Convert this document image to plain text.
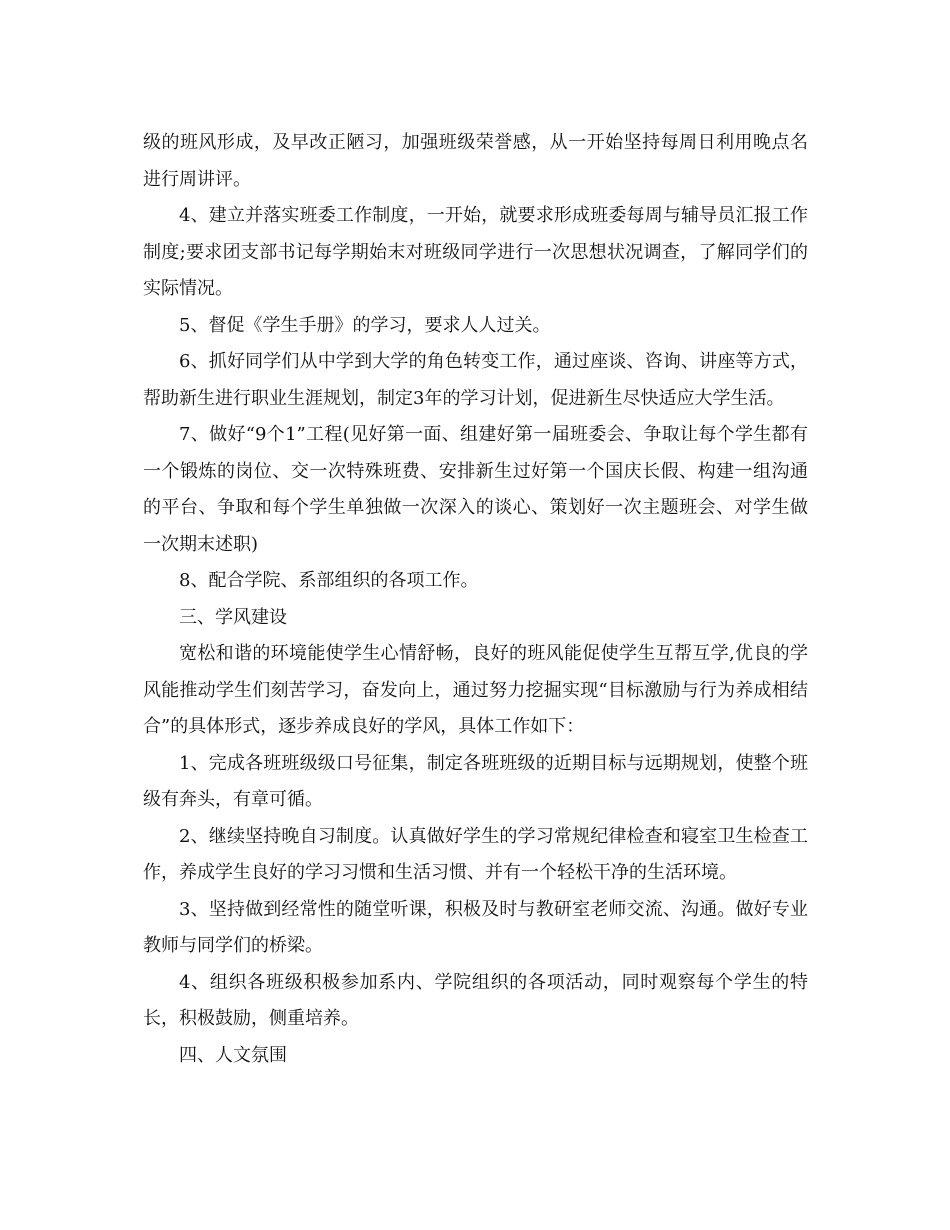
级的班风形成，及早改正陋习，加强班级荣誉感，从一开始坚持每周日利用晚点名进行周讲评。

4、建立并落实班委工作制度，一开始，就要求形成班委每周与辅导员汇报工作制度;要求团支部书记每学期始末对班级同学进行一次思想状况调查，了解同学们的实际情况。

5、督促《学生手册》的学习，要求人人过关。

6、抓好同学们从中学到大学的角色转变工作，通过座谈、咨询、讲座等方式，帮助新生进行职业生涯规划，制定3年的学习计划，促进新生尽快适应大学生活。

7、做好“9个1”工程(见好第一面、组建好第一届班委会、争取让每个学生都有一个锻炼的岗位、交一次特殊班费、安排新生过好第一个国庆长假、构建一组沟通的平台、争取和每个学生单独做一次深入的谈心、策划好一次主题班会、对学生做一次期末述职)

8、配合学院、系部组织的各项工作。

三、学风建设

宽松和谐的环境能使学生心情舒畅，良好的班风能促使学生互帮互学,优良的学风能推动学生们刻苦学习，奋发向上，通过努力挖掘实现“目标激励与行为养成相结合”的具体形式，逐步养成良好的学风，具体工作如下：

1、完成各班班级级口号征集，制定各班班级的近期目标与远期规划，使整个班级有奔头，有章可循。

2、继续坚持晚自习制度。认真做好学生的学习常规纪律检查和寝室卫生检查工作，养成学生良好的学习习惯和生活习惯、并有一个轻松干净的生活环境。

3、坚持做到经常性的随堂听课，积极及时与教研室老师交流、沟通。做好专业教师与同学们的桥梁。

4、组织各班级积极参加系内、学院组织的各项活动，同时观察每个学生的特长，积极鼓励，侧重培养。

四、人文氛围
